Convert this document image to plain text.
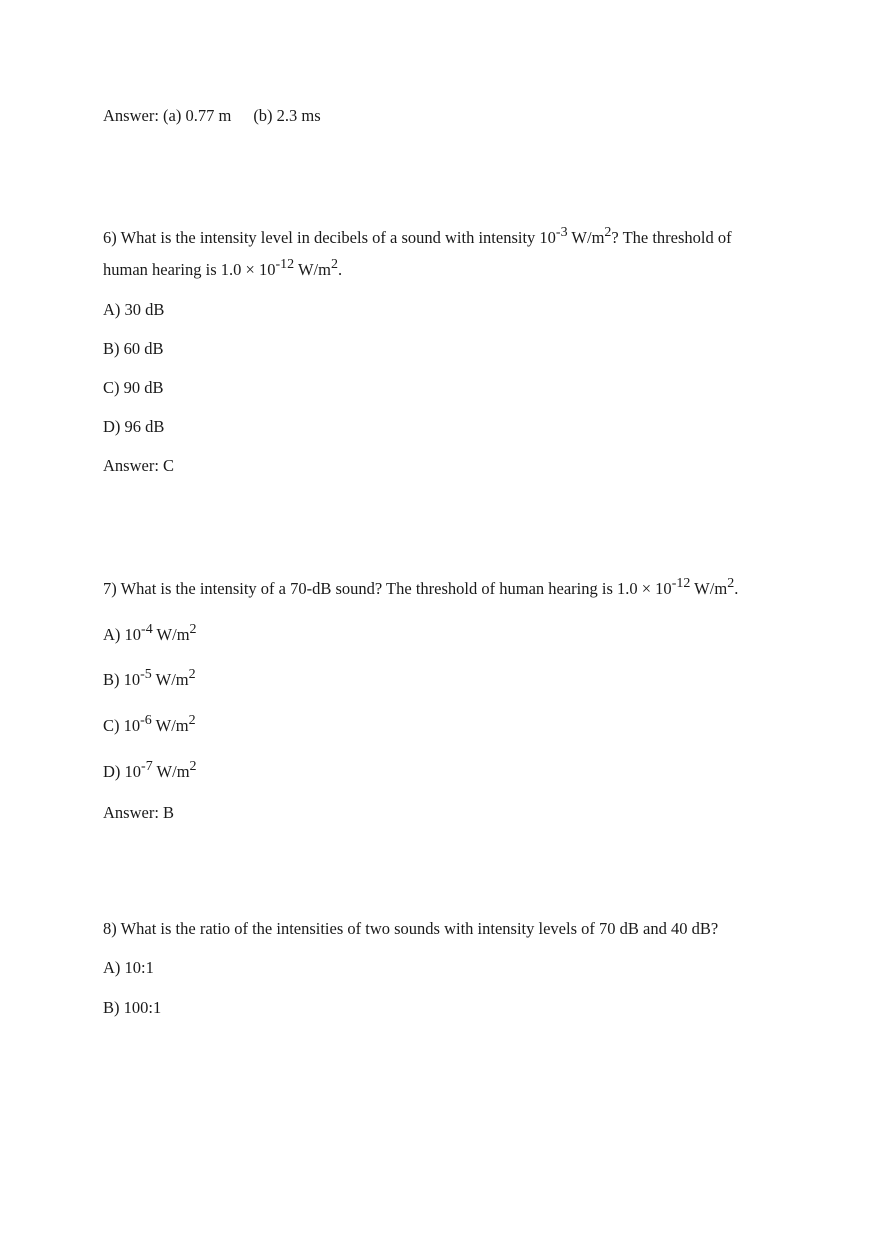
Answer: (a) 0.77 m (b) 2.3 ms

6) What is the intensity level in decibels of a sound with intensity $10^{-3}$ $W/m^2$? The threshold of

human hearing is $1.0 \times 10^{-12}$ $W/m^2$.

A) 30 dB

B) 60 dB

C) 90 dB

D) 96 dB

Answer: C

7) What is the intensity of a 70-dB sound? The threshold of human hearing is $1.0 \times 10^{-12}$ $W/m^2$.

A) $10^{-4}$ $W/m^2$

B) $10^{-5}$ $W/m^2$

C) $10^{-6}$ $W/m^2$

D) $10^{-7}$ $W/m^2$

Answer: B

8) What is the ratio of the intensities of two sounds with intensity levels of 70 dB and 40 dB?

A) 10:1

B) 100:1
